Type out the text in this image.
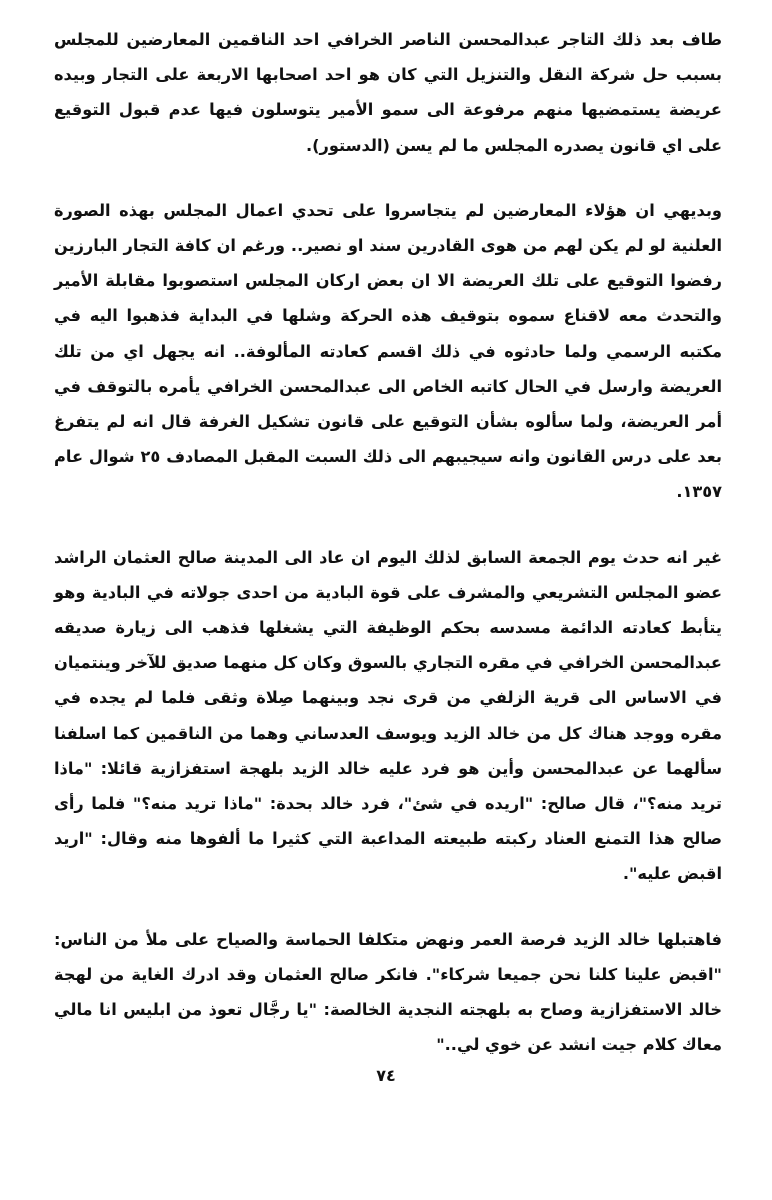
طاف بعد ذلك التاجر عبدالمحسن الناصر الخرافي احد الناقمين المعارضين للمجلس بسبب حل شركة النقل والتنزيل التي كان هو احد اصحابها الاربعة على التجار وبيده عريضة يستمضيها منهم مرفوعة الى سمو الأمير يتوسلون فيها عدم قبول التوقيع على اي قانون يصدره المجلس ما لم يسن (الدستور).

وبديهي ان هؤلاء المعارضين لم يتجاسروا على تحدي اعمال المجلس بهذه الصورة العلنية لو لم يكن لهم من هوى القادرين سند او نصير.. ورغم ان كافة التجار البارزين رفضوا التوقيع على تلك العريضة الا ان بعض اركان المجلس استصوبوا مقابلة الأمير والتحدث معه لاقناع سموه بتوقيف هذه الحركة وشلها في البداية فذهبوا اليه في مكتبه الرسمي ولما حادثوه في ذلك اقسم كعادته المألوفة.. انه يجهل اي من تلك العريضة وارسل في الحال كاتبه الخاص الى عبدالمحسن الخرافي يأمره بالتوقف في أمر العريضة، ولما سألوه بشأن التوقيع على قانون تشكيل الغرفة قال انه لم يتفرغ بعد على درس القانون وانه سيجيبهم الى ذلك السبت المقبل المصادف ٢٥ شوال عام ١٣٥٧.

غير انه حدث يوم الجمعة السابق لذلك اليوم ان عاد الى المدينة صالح العثمان الراشد عضو المجلس التشريعي والمشرف على قوة البادية من احدى جولاته في البادية وهو يتأبط كعادته الدائمة مسدسه بحكم الوظيفة التي يشغلها فذهب الى زيارة صديقه عبدالمحسن الخرافي في مقره التجاري بالسوق وكان كل منهما صديق للآخر وينتميان في الاساس الى قرية الزلفي من قرى نجد وبينهما صِلاة وثقى فلما لم يجده في مقره ووجد هناك كل من خالد الزيد ويوسف العدساني وهما من الناقمين كما اسلفنا سألهما عن عبدالمحسن وأين هو فرد عليه خالد الزيد بلهجة استفزازية قائلا: "ماذا تريد منه؟"، قال صالح: "اريده في شئ"، فرد خالد بحدة: "ماذا تريد منه؟" فلما رأى صالح هذا التمنع العناد ركبته طبيعته المداعبة التي كثيرا ما ألفوها منه وقال: "اريد اقبض عليه".

فاهتبلها خالد الزيد فرصة العمر ونهض متكلفا الحماسة والصياح على ملأ من الناس: "اقبض علينا كلنا نحن جميعا شركاء". فانكر صالح العثمان وقد ادرك الغاية من لهجة خالد الاستفزازية وصاح به بلهجته النجدية الخالصة: "يا رجَّال تعوذ من ابليس انا مالي معاك كلام جيت انشد عن خوي لي.."

٧٤
